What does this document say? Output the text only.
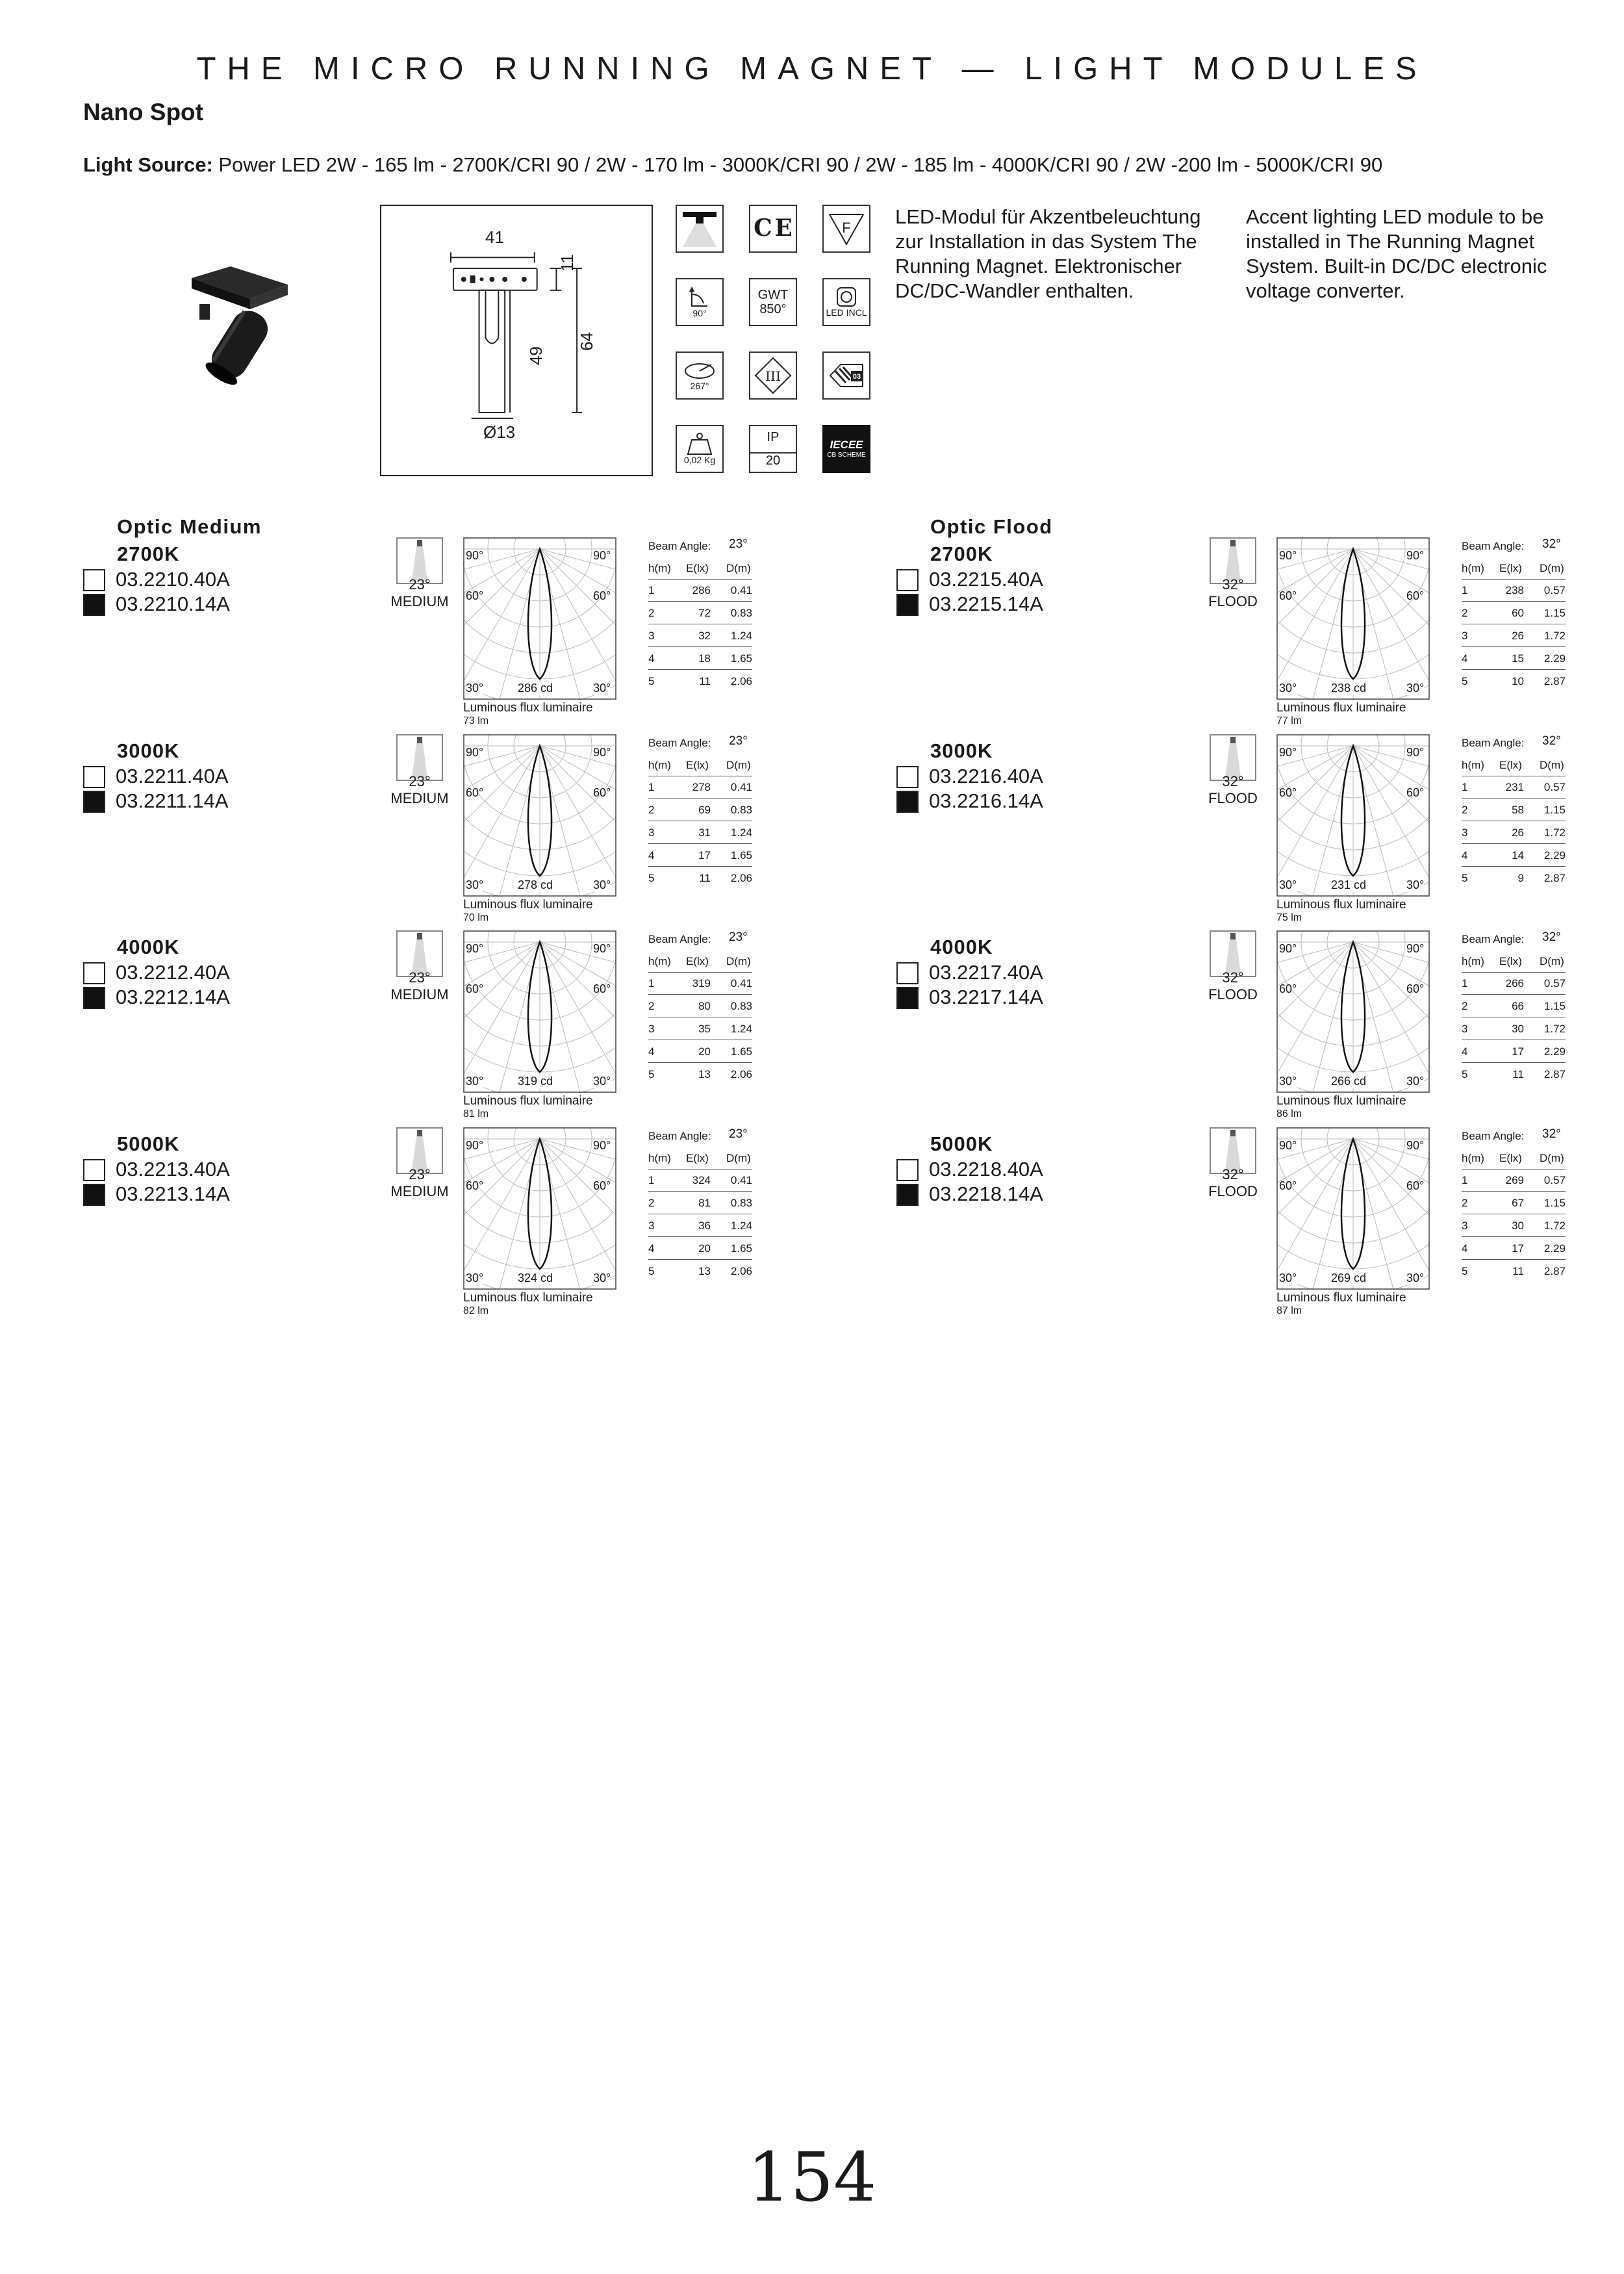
THE MICRO RUNNING MAGNET — LIGHT MODULES
Nano Spot
Light Source: Power LED 2W - 165 lm - 2700K/CRI 90 / 2W - 170 lm - 3000K/CRI 90 / 2W - 185 lm - 4000K/CRI 90 / 2W -200 lm - 5000K/CRI 90
41
11
49
64
Ø13
C E	F
90°
GWT
850°	LED INCL
267°
III	03
0,02 Kg
IP
20
IECEE
CB SCHEME
LED-Modul für Akzentbeleuchtung zur Installation in das System The Running Magnet. Elektronischer DC/DC-Wandler enthalten.
Accent lighting LED module to be installed in The Running Magnet System. Built-in DC/DC electronic voltage converter.
Optic Medium
2700K
03.2210.40A
03.2210.14A
23°
MEDIUM
90°	90°
60°	60°
30°	30°
286 cd
Luminous flux luminaire
73 lm
Beam Angle: 23°
h(m) E(lx) D(m)
1	286 0.41
2	72 0.83
3	32 1.24
4	18 1.65
5	11 2.06
3000K
03.2211.40A
03.2211.14A
23°
MEDIUM
90°	90°
60°	60°
30°	30°
278 cd
Luminous flux luminaire
70 lm
Beam Angle: 23°
h(m) E(lx) D(m)
1	278 0.41
2	69 0.83
3	31 1.24
4	17 1.65
5	11 2.06
4000K
03.2212.40A
03.2212.14A
23°
MEDIUM
90°	90°
60°	60°
30°	30°
319 cd
Luminous flux luminaire
81 lm
Beam Angle: 23°
h(m) E(lx) D(m)
1	319 0.41
2	80 0.83
3	35 1.24
4	20 1.65
5	13 2.06
5000K
03.2213.40A
03.2213.14A
23°
MEDIUM
90°	90°
60°	60°
30°	30°
324 cd
Luminous flux luminaire
82 lm
Beam Angle: 23°
h(m) E(lx) D(m)
1	324 0.41
2	81 0.83
3	36 1.24
4	20 1.65
5	13 2.06
Optic Flood
2700K
03.2215.40A
03.2215.14A
32°
FLOOD
90°	90°
60°	60°
30°	30°
238 cd
Luminous flux luminaire
77 lm
Beam Angle: 32°
h(m) E(lx) D(m)
1	238 0.57
2	60 1.15
3	26 1.72
4	15 2.29
5	10 2.87
3000K
03.2216.40A
03.2216.14A
32°
FLOOD
90°	90°
60°	60°
30°	30°
231 cd
Luminous flux luminaire
75 lm
Beam Angle: 32°
h(m) E(lx) D(m)
1	231 0.57
2	58 1.15
3	26 1.72
4	14 2.29
5	9 2.87
4000K
03.2217.40A
03.2217.14A
32°
FLOOD
90°	90°
60°	60°
30°	30°
266 cd
Luminous flux luminaire
86 lm
Beam Angle: 32°
h(m) E(lx) D(m)
1	266 0.57
2	66 1.15
3	30 1.72
4	17 2.29
5	11 2.87
5000K
03.2218.40A
03.2218.14A
32°
FLOOD
90°	90°
60°	60°
30°	30°
269 cd
Luminous flux luminaire
87 lm
Beam Angle: 32°
h(m) E(lx) D(m)
1	269 0.57
2	67 1.15
3	30 1.72
4	17 2.29
5	11 2.87
154
